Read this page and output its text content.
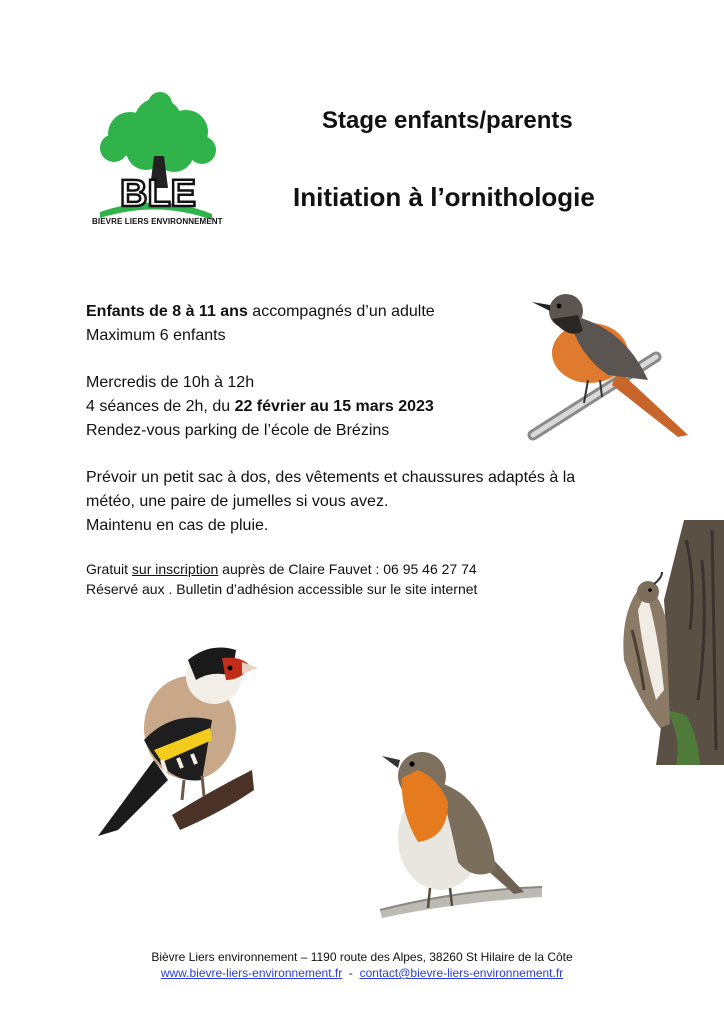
BLE
BIEVRE LIERS ENVIRONNEMENT
Stage enfants/parents
Initiation à l’ornithologie
Enfants de 8 à 11 ans accompagnés d’un adulte
Maximum 6 enfants
Mercredis de 10h à 12h
4 séances de 2h, du 22 février au 15 mars 2023
Rendez-vous parking de l’école de Brézins
Prévoir un petit sac à dos, des vêtements et chaussures adaptés à la
météo, une paire de jumelles si vous avez.
Maintenu en cas de pluie.
Gratuit sur inscription auprès de Claire Fauvet : 06 95 46 27 74
Réservé aux . Bulletin d’adhésion accessible sur le site internet
Bièvre Liers environnement – 1190 route des Alpes, 38260 St Hilaire de la Côte
www.bievre-liers-environnement.fr  -  contact@bievre-liers-environnement.fr
